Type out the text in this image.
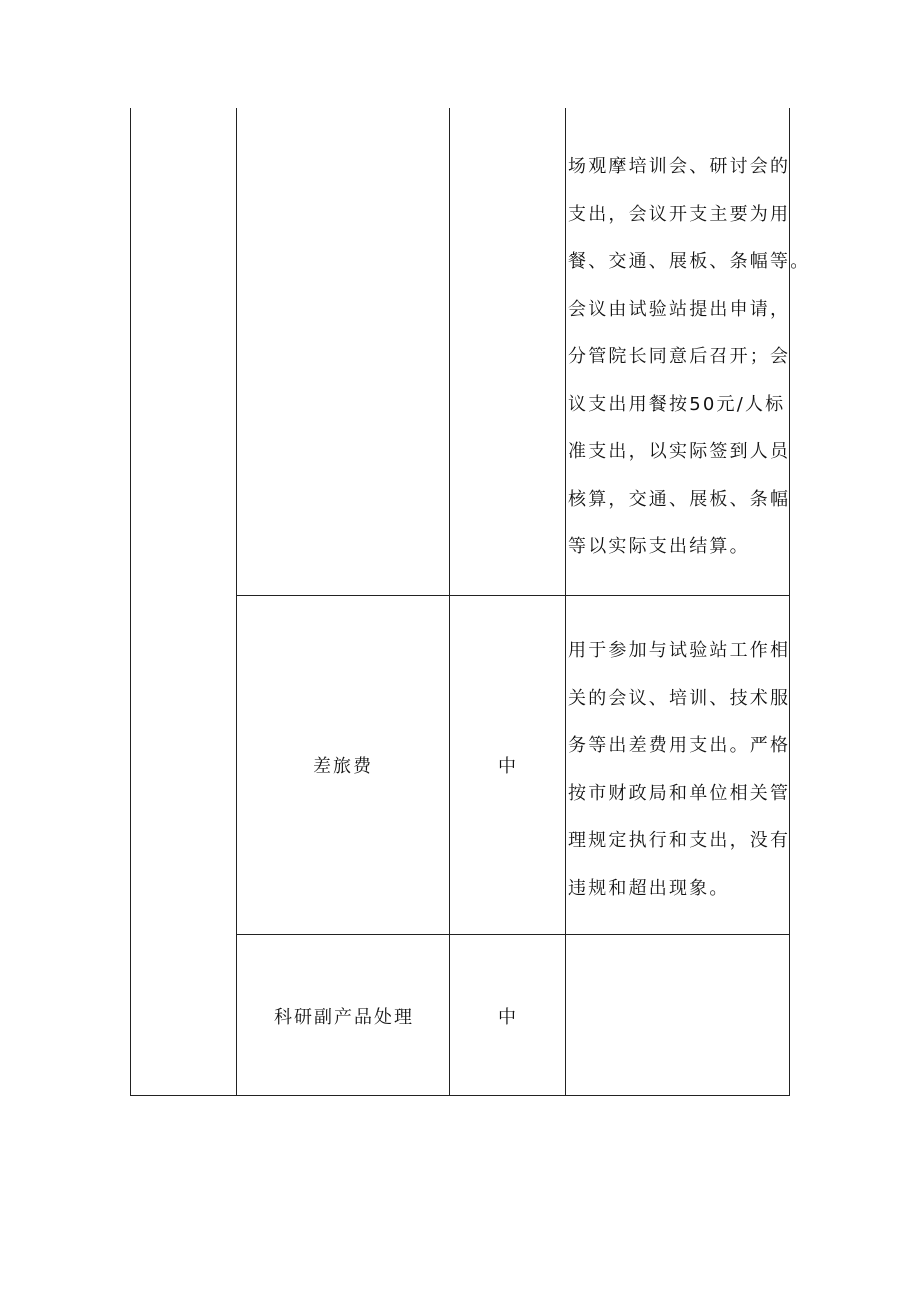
场观摩培训会、研讨会的
支出，会议开支主要为用
餐、交通、展板、条幅等。
会议由试验站提出申请，
分管院长同意后召开；会
议支出用餐按50元/人标
准支出，以实际签到人员
核算，交通、展板、条幅
等以实际支出结算。
差旅费	中
用于参加与试验站工作相
关的会议、培训、技术服
务等出差费用支出。严格
按市财政局和单位相关管
理规定执行和支出，没有
违规和超出现象。
科研副产品处理	中
